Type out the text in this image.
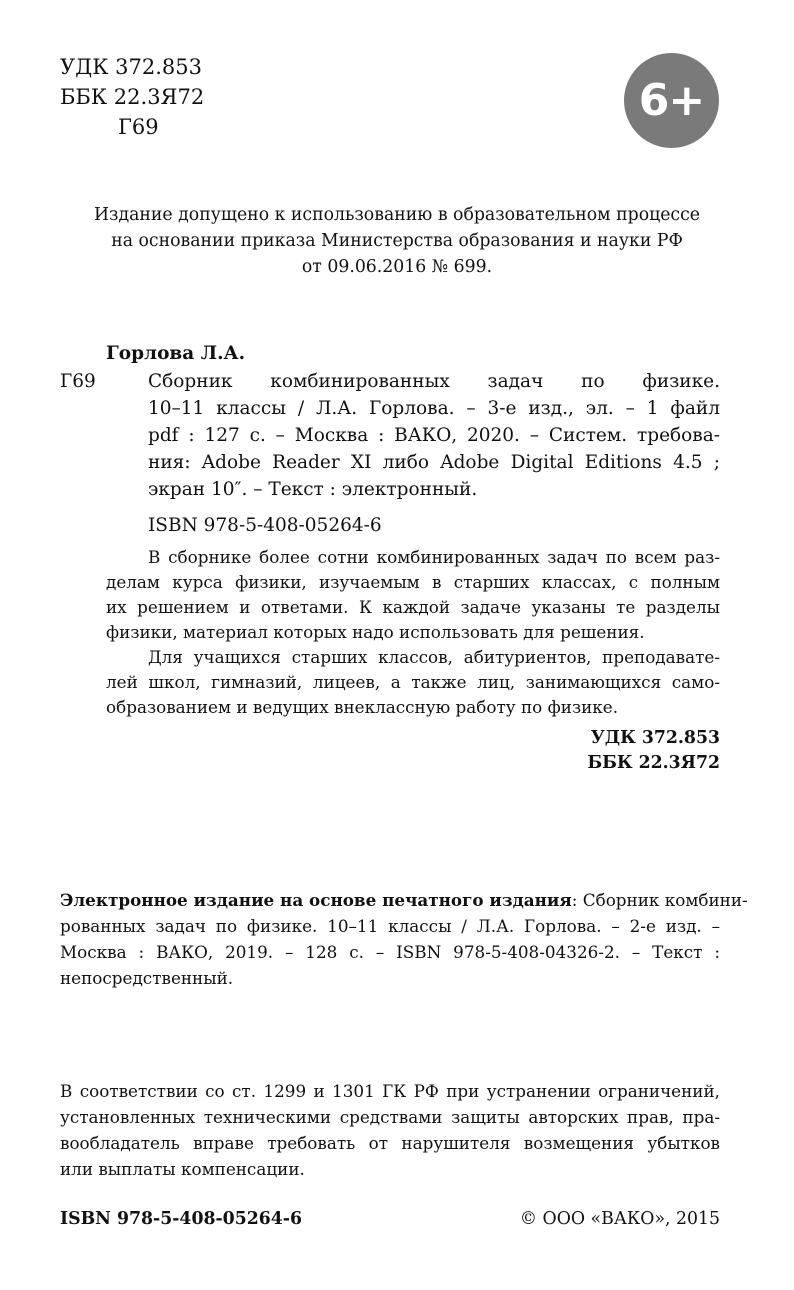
УДК 372.853
ББК 22.3Я72
Г69
6+
Издание допущено к использованию в образовательном процессе
на основании приказа Министерства образования и науки РФ
от 09.06.2016 № 699.
Горлова Л.А.
Г69	Сборник комбинированных задач по физике.
10–11 классы / Л.А. Горлова. – 3-е изд., эл. – 1 файл
pdf : 127 с. – Москва : ВАКО, 2020. – Систем. требова-
ния: Adobe Reader XI либо Adobe Digital Editions 4.5 ;
экран 10″. – Текст : электронный.
ISBN 978-5-408-05264-6
В сборнике более сотни комбинированных задач по всем раз-
делам курса физики, изучаемым в старших классах, с полным
их решением и ответами. К каждой задаче указаны те разделы
физики, материал которых надо использовать для решения.
Для учащихся старших классов, абитуриентов, преподавате-
лей школ, гимназий, лицеев, а также лиц, занимающихся само-
образованием и ведущих внеклассную работу по физике.
УДК 372.853
ББК 22.3Я72
Электронное издание на основе печатного издания: Сборник комбини-
рованных задач по физике. 10–11 классы / Л.А. Горлова. – 2-е изд. –
Москва : ВАКО, 2019. – 128 с. – ISBN 978-5-408-04326-2. – Текст :
непосредственный.
В соответствии со ст. 1299 и 1301 ГК РФ при устранении ограничений,
установленных техническими средствами защиты авторских прав, пра-
вообладатель вправе требовать от нарушителя возмещения убытков
или выплаты компенсации.
ISBN 978-5-408-05264-6	© ООО «ВАКО», 2015
